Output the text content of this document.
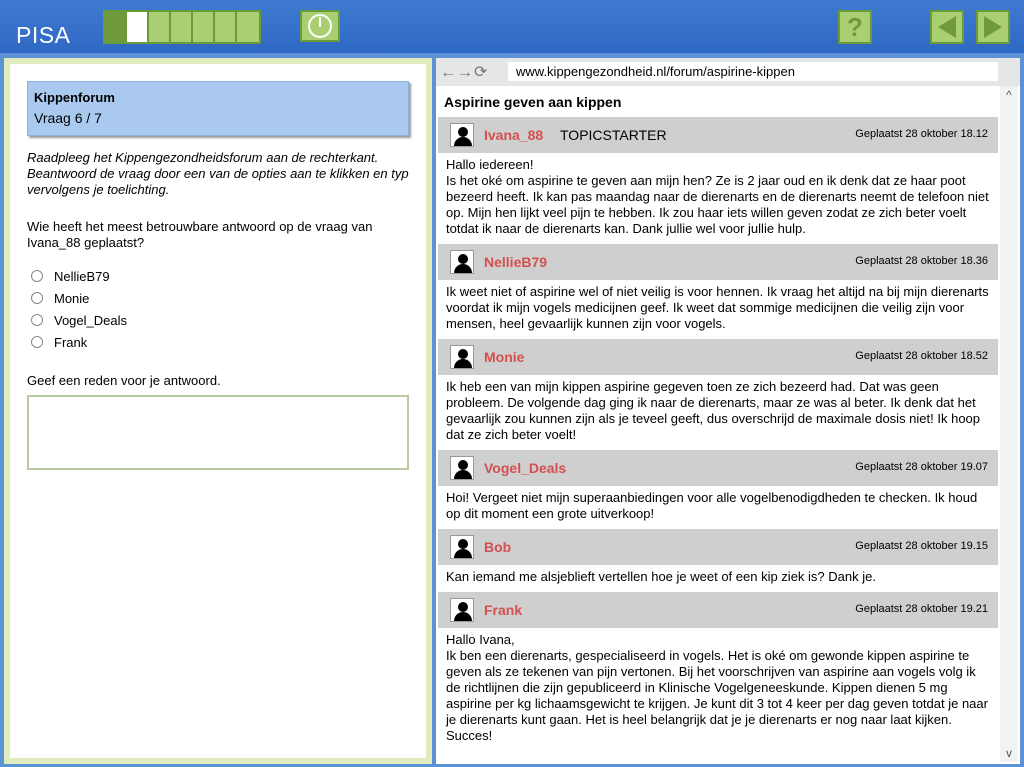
PISA	?
Kippenforum
Vraag 6 / 7
Raadpleeg het Kippengezondheidsforum aan de rechterkant. Beantwoord de vraag door een van de opties aan te klikken en typ vervolgens je toelichting.
Wie heeft het meest betrouwbare antwoord op de vraag van Ivana_88 geplaatst?
NellieB79
Monie
Vogel_Deals
Frank
Geef een reden voor je antwoord.
←→⟳	www.kippengezondheid.nl/forum/aspirine-kippen
Aspirine geven aan kippen
Ivana_88 TOPICSTARTER	Geplaatst 28 oktober 18.12

Hallo iedereen!

Is het oké om aspirine te geven aan mijn hen? Ze is 2 jaar oud en ik denk dat ze haar poot bezeerd heeft. Ik kan pas maandag naar de dierenarts en de dierenarts neemt de telefoon niet op. Mijn hen lijkt veel pijn te hebben. Ik zou haar iets willen geven zodat ze zich beter voelt totdat ik naar de dierenarts kan. Dank jullie wel voor jullie hulp.

NellieB79	Geplaatst 28 oktober 18.36

Ik weet niet of aspirine wel of niet veilig is voor hennen. Ik vraag het altijd na bij mijn dierenarts voordat ik mijn vogels medicijnen geef. Ik weet dat sommige medicijnen die veilig zijn voor mensen, heel gevaarlijk kunnen zijn voor vogels.

Monie	Geplaatst 28 oktober 18.52

Ik heb een van mijn kippen aspirine gegeven toen ze zich bezeerd had. Dat was geen probleem. De volgende dag ging ik naar de dierenarts, maar ze was al beter. Ik denk dat het gevaarlijk zou kunnen zijn als je teveel geeft, dus overschrijd de maximale dosis niet! Ik hoop dat ze zich beter voelt!

Vogel_Deals	Geplaatst 28 oktober 19.07

Hoi! Vergeet niet mijn superaanbiedingen voor alle vogelbenodigdheden te checken. Ik houd op dit moment een grote uitverkoop!

Bob	Geplaatst 28 oktober 19.15

Kan iemand me alsjeblieft vertellen hoe je weet of een kip ziek is? Dank je.

Frank	Geplaatst 28 oktober 19.21

Hallo Ivana,

Ik ben een dierenarts, gespecialiseerd in vogels. Het is oké om gewonde kippen aspirine te geven als ze tekenen van pijn vertonen. Bij het voorschrijven van aspirine aan vogels volg ik de richtlijnen die zijn gepubliceerd in Klinische Vogelgeneeskunde. Kippen dienen 5 mg aspirine per kg lichaamsgewicht te krijgen. Je kunt dit 3 tot 4 keer per dag geven totdat je naar je dierenarts kunt gaan. Het is heel belangrijk dat je je dierenarts er nog naar laat kijken. Succes!

^
v
